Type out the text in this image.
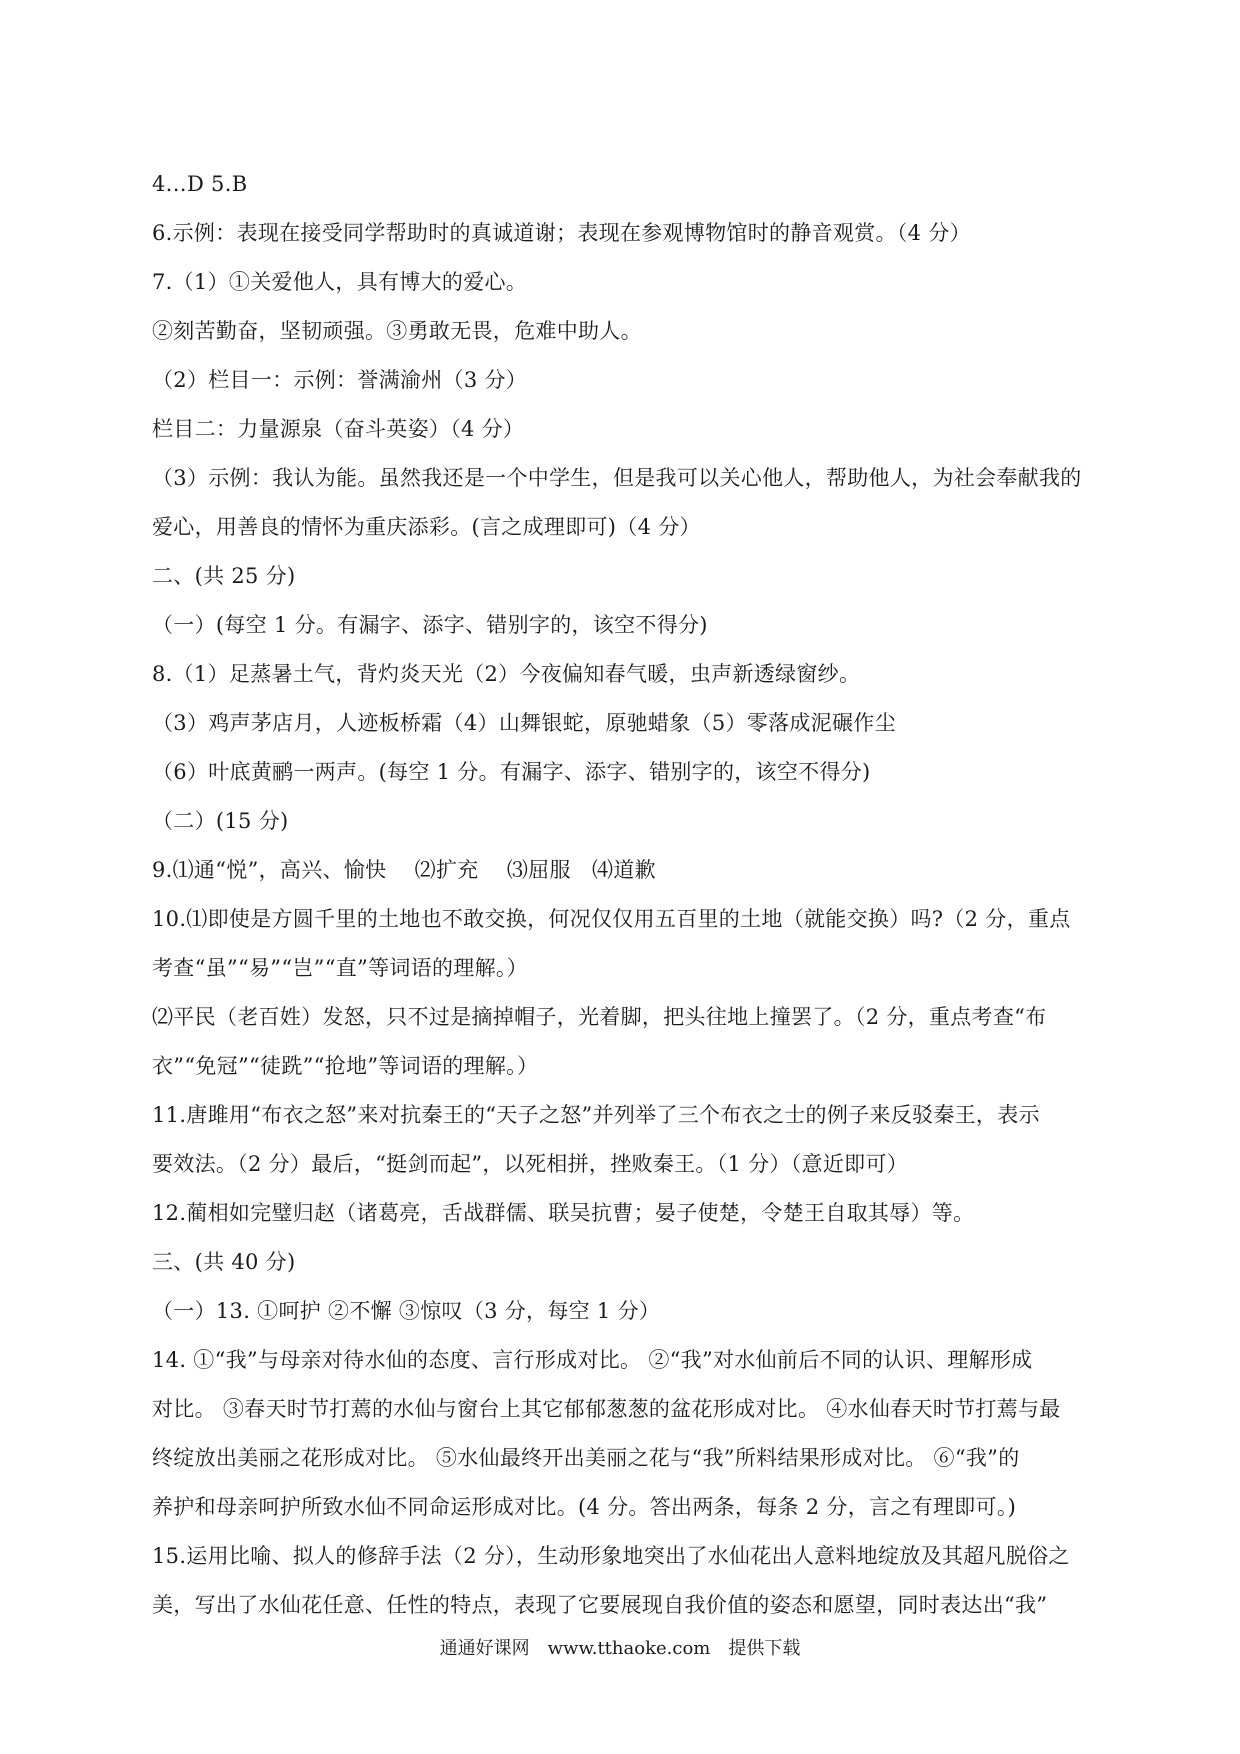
4.‥D 5.B
6.示例：表现在接受同学帮助时的真诚道谢；表现在参观博物馆时的静音观赏。（4 分）
7.（1）①关爱他人，具有博大的爱心。
②刻苦勤奋，坚韧顽强。③勇敢无畏，危难中助人。
（2）栏目一：示例：誉满渝州（3 分）
栏目二：力量源泉（奋斗英姿）（4 分）
（3）示例：我认为能。虽然我还是一个中学生，但是我可以关心他人，帮助他人，为社会奉献我的
爱心，用善良的情怀为重庆添彩。(言之成理即可)（4 分）
二、(共 25 分)
（一）(每空 1 分。有漏字、添字、错别字的，该空不得分)
8.（1）足蒸暑土气，背灼炎天光（2）今夜偏知春气暖，虫声新透绿窗纱。
（3）鸡声茅店月，人迹板桥霜（4）山舞银蛇，原驰蜡象（5）零落成泥碾作尘
（6）叶底黄鹂一两声。(每空 1 分。有漏字、添字、错别字的，该空不得分)
（二）(15 分)
9.⑴通“悦”，高兴、愉快　 ⑵扩充　 ⑶屈服　⑷道歉
10.⑴即使是方圆千里的土地也不敢交换，何况仅仅用五百里的土地（就能交换）吗?（2 分，重点
考查“虽”“易”“岂”“直”等词语的理解。）
⑵平民（老百姓）发怒，只不过是摘掉帽子，光着脚，把头往地上撞罢了。（2 分，重点考查“布
衣”“免冠”“徒跣”“抢地”等词语的理解。）
11.唐雎用“布衣之怒”来对抗秦王的“天子之怒”并列举了三个布衣之士的例子来反驳秦王，表示
要效法。（2 分）最后，“挺剑而起”，以死相拼，挫败秦王。（1 分）（意近即可）
12.蔺相如完璧归赵（诸葛亮，舌战群儒、联吴抗曹；晏子使楚，令楚王自取其辱）等。
三、(共 40 分)
（一）13. ①呵护 ②不懈 ③惊叹（3 分，每空 1 分）
14. ①“我”与母亲对待水仙的态度、言行形成对比。 ②“我”对水仙前后不同的认识、理解形成
对比。 ③春天时节打蔫的水仙与窗台上其它郁郁葱葱的盆花形成对比。 ④水仙春天时节打蔫与最
终绽放出美丽之花形成对比。 ⑤水仙最终开出美丽之花与“我”所料结果形成对比。 ⑥“我”的
养护和母亲呵护所致水仙不同命运形成对比。(4 分。答出两条，每条 2 分，言之有理即可。)
15.运用比喻、拟人的修辞手法（2 分），生动形象地突出了水仙花出人意料地绽放及其超凡脱俗之
美，写出了水仙花任意、任性的特点，表现了它要展现自我价值的姿态和愿望，同时表达出“我”
通通好课网　www.tthaoke.com　提供下载
